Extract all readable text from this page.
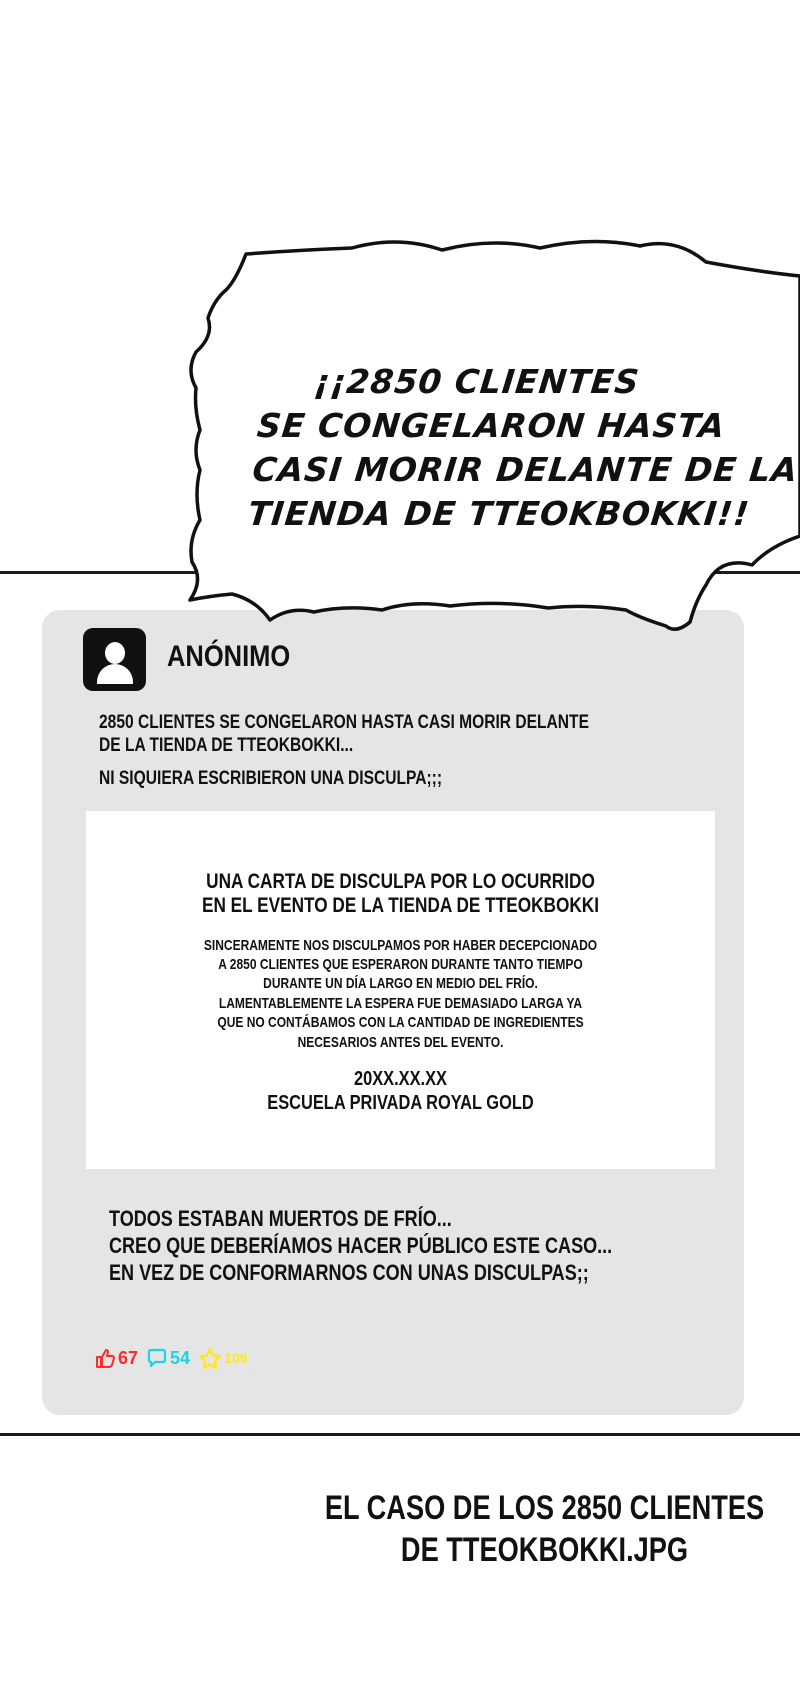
¡¡2850 CLIENTES
SE CONGELARON HASTA
CASI MORIR DELANTE DE LA
TIENDA DE TTEOKBOKKI!!
ANÓNIMO
2850 CLIENTES SE CONGELARON HASTA CASI MORIR DELANTE
DE LA TIENDA DE TTEOKBOKKI...
NI SIQUIERA ESCRIBIERON UNA DISCULPA;;;
UNA CARTA DE DISCULPA POR LO OCURRIDO
EN EL EVENTO DE LA TIENDA DE TTEOKBOKKI
SINCERAMENTE NOS DISCULPAMOS POR HABER DECEPCIONADO
A 2850 CLIENTES QUE ESPERARON DURANTE TANTO TIEMPO
DURANTE UN DÍA LARGO EN MEDIO DEL FRÍO.
LAMENTABLEMENTE LA ESPERA FUE DEMASIADO LARGA YA
QUE NO CONTÁBAMOS CON LA CANTIDAD DE INGREDIENTES
NECESARIOS ANTES DEL EVENTO.
20XX.XX.XX
ESCUELA PRIVADA ROYAL GOLD
TODOS ESTABAN MUERTOS DE FRÍO...
CREO QUE DEBERÍAMOS HACER PÚBLICO ESTE CASO...
EN VEZ DE CONFORMARNOS CON UNAS DISCULPAS;;
67 54 109
EL CASO DE LOS 2850 CLIENTES
DE TTEOKBOKKI.JPG
